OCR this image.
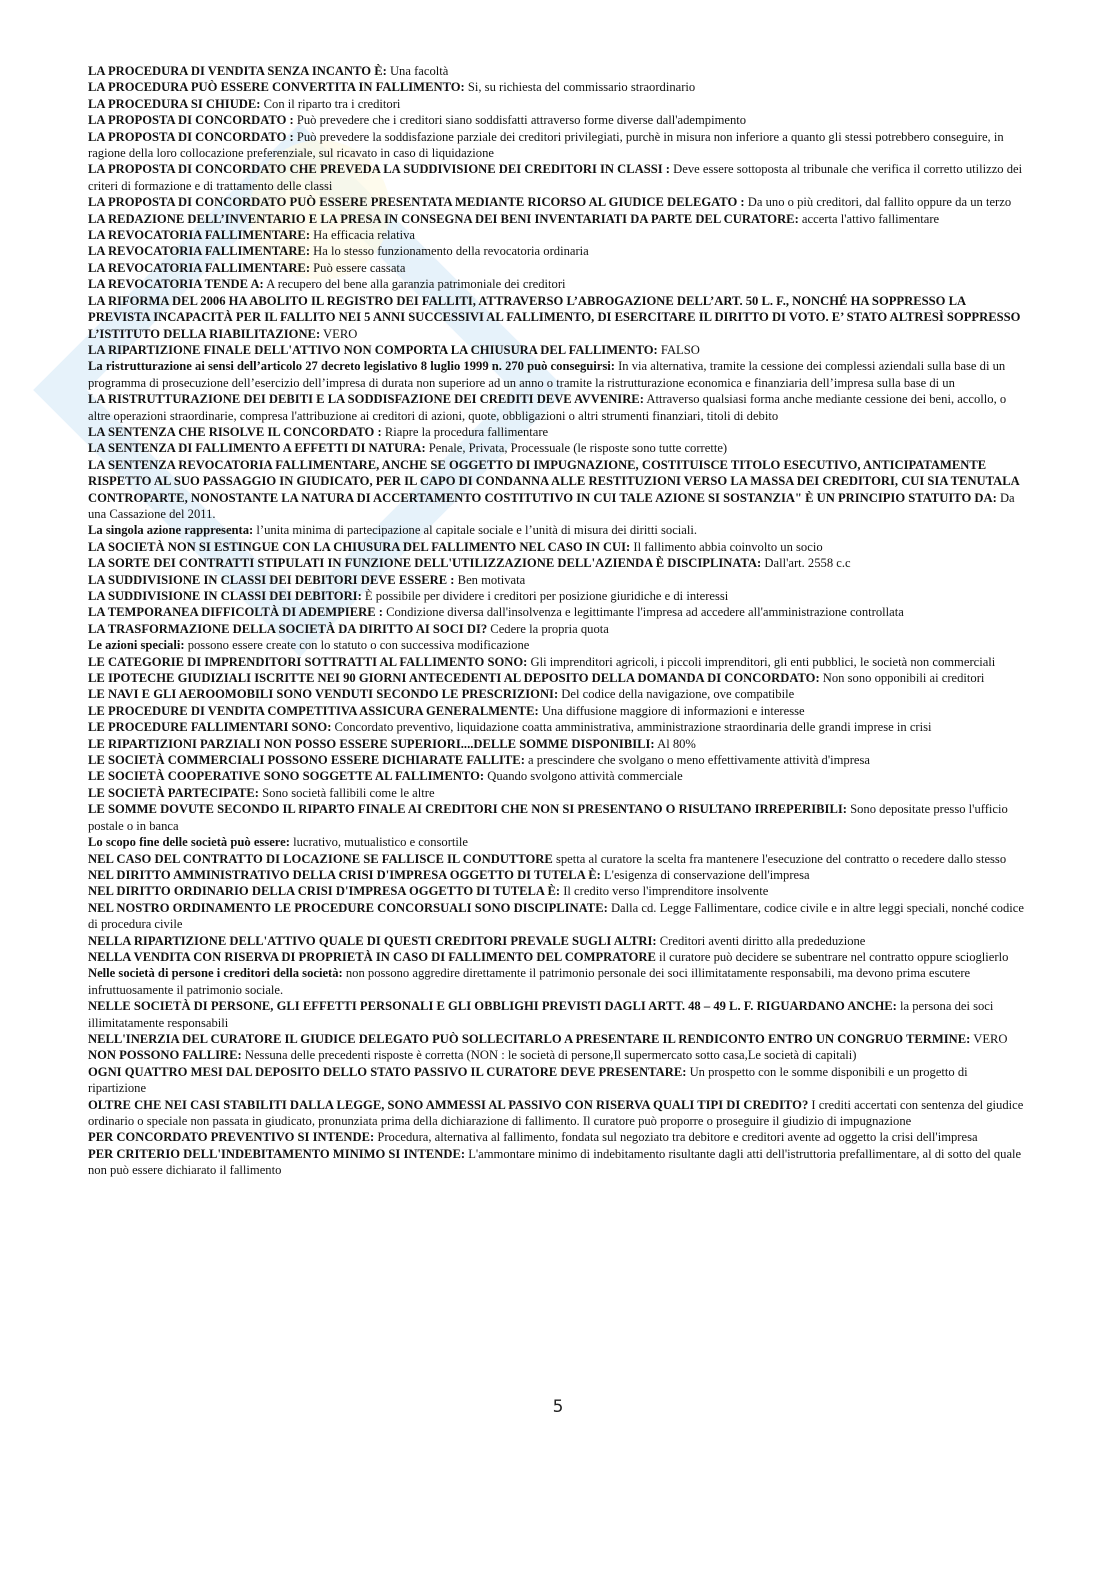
LA PROCEDURA DI VENDITA SENZA INCANTO È: Una facoltà

LA PROCEDURA PUÒ ESSERE CONVERTITA IN FALLIMENTO: Si, su richiesta del commissario straordinario

LA PROCEDURA SI CHIUDE: Con il riparto tra i creditori

LA PROPOSTA DI CONCORDATO : Può prevedere che i creditori siano soddisfatti attraverso forme diverse dall'adempimento

LA PROPOSTA DI CONCORDATO : Può prevedere la soddisfazione parziale dei creditori privilegiati, purchè in misura non inferiore a quanto gli stessi potrebbero conseguire, in ragione della loro collocazione preferenziale, sul ricavato in caso di liquidazione

LA PROPOSTA DI CONCORDATO CHE PREVEDA LA SUDDIVISIONE DEI CREDITORI IN CLASSI : Deve essere sottoposta al tribunale che verifica il corretto utilizzo dei criteri di formazione e di trattamento delle classi

LA PROPOSTA DI CONCORDATO PUÒ ESSERE PRESENTATA MEDIANTE RICORSO AL GIUDICE DELEGATO : Da uno o più creditori, dal fallito oppure da un terzo

LA REDAZIONE DELL’INVENTARIO E LA PRESA IN CONSEGNA DEI BENI INVENTARIATI DA PARTE DEL CURATORE: accerta l'attivo fallimentare

LA REVOCATORIA FALLIMENTARE: Ha efficacia relativa

LA REVOCATORIA FALLIMENTARE: Ha lo stesso funzionamento della revocatoria ordinaria

LA REVOCATORIA FALLIMENTARE: Può essere cassata

LA REVOCATORIA TENDE A: A recupero del bene alla garanzia patrimoniale dei creditori

LA RIFORMA DEL 2006 HA ABOLITO IL REGISTRO DEI FALLITI, ATTRAVERSO L’ABROGAZIONE DELL’ART. 50 L. F., NONCHÉ HA SOPPRESSO LA PREVISTA INCAPACITÀ PER IL FALLITO NEI 5 ANNI SUCCESSIVI AL FALLIMENTO, DI ESERCITARE IL DIRITTO DI VOTO. E’ STATO ALTRESÌ SOPPRESSO L’ISTITUTO DELLA RIABILITAZIONE: VERO

LA RIPARTIZIONE FINALE DELL'ATTIVO NON COMPORTA LA CHIUSURA DEL FALLIMENTO: FALSO

La ristrutturazione ai sensi dell’articolo 27 decreto legislativo 8 luglio 1999 n. 270 può conseguirsi: In via alternativa, tramite la cessione dei complessi aziendali sulla base di un programma di prosecuzione dell’esercizio dell’impresa di durata non superiore ad un anno o tramite la ristrutturazione economica e finanziaria dell’impresa sulla base di un

LA RISTRUTTURAZIONE DEI DEBITI E LA SODDISFAZIONE DEI CREDITI DEVE AVVENIRE: Attraverso qualsiasi forma anche mediante cessione dei beni, accollo, o altre operazioni straordinarie, compresa l'attribuzione ai creditori di azioni, quote, obbligazioni o altri strumenti finanziari, titoli di debito

LA SENTENZA CHE RISOLVE IL CONCORDATO : Riapre la procedura fallimentare

LA SENTENZA DI FALLIMENTO A EFFETTI DI NATURA: Penale, Privata, Processuale (le risposte sono tutte corrette)

LA SENTENZA REVOCATORIA FALLIMENTARE, ANCHE SE OGGETTO DI IMPUGNAZIONE, COSTITUISCE TITOLO ESECUTIVO, ANTICIPATAMENTE RISPETTO AL SUO PASSAGGIO IN GIUDICATO, PER IL CAPO DI CONDANNA ALLE RESTITUZIONI VERSO LA MASSA DEI CREDITORI, CUI SIA TENUTALA CONTROPARTE, NONOSTANTE LA NATURA DI ACCERTAMENTO COSTITUTIVO IN CUI TALE AZIONE SI SOSTANZIA" È UN PRINCIPIO STATUITO DA: Da una Cassazione del 2011.

La singola azione rappresenta: l’unita minima di partecipazione al capitale sociale e l’unità di misura dei diritti sociali.

LA SOCIETÀ NON SI ESTINGUE CON LA CHIUSURA DEL FALLIMENTO NEL CASO IN CUI: Il fallimento abbia coinvolto un socio

LA SORTE DEI CONTRATTI STIPULATI IN FUNZIONE DELL'UTILIZZAZIONE DELL'AZIENDA È DISCIPLINATA: Dall'art. 2558 c.c

LA SUDDIVISIONE IN CLASSI DEI DEBITORI DEVE ESSERE : Ben motivata

LA SUDDIVISIONE IN CLASSI DEI DEBITORI: È possibile per dividere i creditori per posizione giuridiche e di interessi

LA TEMPORANEA DIFFICOLTÀ DI ADEMPIERE : Condizione diversa dall'insolvenza e legittimante l'impresa ad accedere all'amministrazione controllata

LA TRASFORMAZIONE DELLA SOCIETÀ DA DIRITTO AI SOCI DI? Cedere la propria quota

Le azioni speciali: possono essere create con lo statuto o con successiva modificazione

LE CATEGORIE DI IMPRENDITORI SOTTRATTI AL FALLIMENTO SONO: Gli imprenditori agricoli, i piccoli imprenditori, gli enti pubblici, le società non commerciali

LE IPOTECHE GIUDIZIALI ISCRITTE NEI 90 GIORNI ANTECEDENTI AL DEPOSITO DELLA DOMANDA DI CONCORDATO: Non sono opponibili ai creditori

LE NAVI E GLI AEROOMOBILI SONO VENDUTI SECONDO LE PRESCRIZIONI: Del codice della navigazione, ove compatibile

LE PROCEDURE DI VENDITA COMPETITIVA ASSICURA GENERALMENTE: Una diffusione maggiore di informazioni e interesse

LE PROCEDURE FALLIMENTARI SONO: Concordato preventivo, liquidazione coatta amministrativa, amministrazione straordinaria delle grandi imprese in crisi

LE RIPARTIZIONI PARZIALI NON POSSO ESSERE SUPERIORI....DELLE SOMME DISPONIBILI: Al 80%

LE SOCIETÀ COMMERCIALI POSSONO ESSERE DICHIARATE FALLITE: a prescindere che svolgano o meno effettivamente attività d'impresa

LE SOCIETÀ COOPERATIVE SONO SOGGETTE AL FALLIMENTO: Quando svolgono attività commerciale

LE SOCIETÀ PARTECIPATE: Sono società fallibili come le altre

LE SOMME DOVUTE SECONDO IL RIPARTO FINALE AI CREDITORI CHE NON SI PRESENTANO O RISULTANO IRREPERIBILI: Sono depositate presso l'ufficio postale o in banca

Lo scopo fine delle società può essere: lucrativo, mutualistico e consortile

NEL CASO DEL CONTRATTO DI LOCAZIONE SE FALLISCE IL CONDUTTORE spetta al curatore la scelta fra mantenere l'esecuzione del contratto o recedere dallo stesso

NEL DIRITTO AMMINISTRATIVO DELLA CRISI D'IMPRESA OGGETTO DI TUTELA È: L'esigenza di conservazione dell'impresa

NEL DIRITTO ORDINARIO DELLA CRISI D'IMPRESA OGGETTO DI TUTELA È: Il credito verso l'imprenditore insolvente

NEL NOSTRO ORDINAMENTO LE PROCEDURE CONCORSUALI SONO DISCIPLINATE: Dalla cd. Legge Fallimentare, codice civile e in altre leggi speciali, nonché codice di procedura civile

NELLA RIPARTIZIONE DELL'ATTIVO QUALE DI QUESTI CREDITORI PREVALE SUGLI ALTRI: Creditori aventi diritto alla prededuzione

NELLA VENDITA CON RISERVA DI PROPRIETÀ IN CASO DI FALLIMENTO DEL COMPRATORE il curatore può decidere se subentrare nel contratto oppure scioglierlo

Nelle società di persone i creditori della società: non possono aggredire direttamente il patrimonio personale dei soci illimitatamente responsabili, ma devono prima escutere infruttuosamente il patrimonio sociale.

NELLE SOCIETÀ DI PERSONE, GLI EFFETTI PERSONALI E GLI OBBLIGHI PREVISTI DAGLI ARTT. 48 – 49 L. F. RIGUARDANO ANCHE: la persona dei soci illimitatamente responsabili

NELL'INERZIA DEL CURATORE IL GIUDICE DELEGATO PUÒ SOLLECITARLO A PRESENTARE IL RENDICONTO ENTRO UN CONGRUO TERMINE: VERO

NON POSSONO FALLIRE: Nessuna delle precedenti risposte è corretta (NON : le società di persone,Il supermercato sotto casa,Le società di capitali)

OGNI QUATTRO MESI DAL DEPOSITO DELLO STATO PASSIVO IL CURATORE DEVE PRESENTARE: Un prospetto con le somme disponibili e un progetto di ripartizione

OLTRE CHE NEI CASI STABILITI DALLA LEGGE, SONO AMMESSI AL PASSIVO CON RISERVA QUALI TIPI DI CREDITO? I crediti accertati con sentenza del giudice ordinario o speciale non passata in giudicato, pronunziata prima della dichiarazione di fallimento. Il curatore può proporre o proseguire il giudizio di impugnazione

PER CONCORDATO PREVENTIVO SI INTENDE: Procedura, alternativa al fallimento, fondata sul negoziato tra debitore e creditori avente ad oggetto la crisi dell'impresa

PER CRITERIO DELL'INDEBITAMENTO MINIMO SI INTENDE: L'ammontare minimo di indebitamento risultante dagli atti dell'istruttoria prefallimentare, al di sotto del quale non può essere dichiarato il fallimento

5
